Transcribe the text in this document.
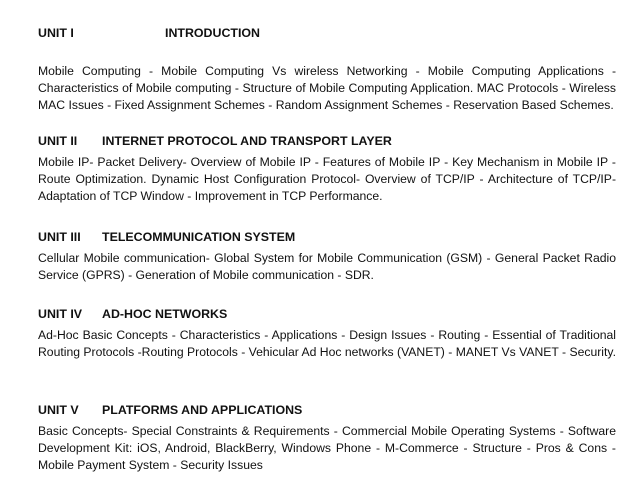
UNIT I	INTRODUCTION

Mobile Computing - Mobile Computing Vs wireless Networking - Mobile Computing Applications - Characteristics of Mobile computing - Structure of Mobile Computing Application. MAC Protocols - Wireless MAC Issues - Fixed Assignment Schemes - Random Assignment Schemes - Reservation Based Schemes.

UNIT II	INTERNET PROTOCOL AND TRANSPORT LAYER

Mobile IP- Packet Delivery- Overview of Mobile IP - Features of Mobile IP - Key Mechanism in Mobile IP - Route Optimization. Dynamic Host Configuration Protocol- Overview of TCP/IP - Architecture of TCP/IP- Adaptation of TCP Window - Improvement in TCP Performance.

UNIT III	TELECOMMUNICATION SYSTEM

Cellular Mobile communication- Global System for Mobile Communication (GSM) - General Packet Radio Service (GPRS) - Generation of Mobile communication - SDR.

UNIT IV	AD-HOC NETWORKS

Ad-Hoc Basic Concepts - Characteristics - Applications - Design Issues - Routing - Essential of Traditional Routing Protocols -Routing Protocols - Vehicular Ad Hoc networks (VANET) - MANET Vs VANET - Security.

UNIT V	PLATFORMS AND APPLICATIONS

Basic Concepts- Special Constraints & Requirements - Commercial Mobile Operating Systems - Software Development Kit: iOS, Android, BlackBerry, Windows Phone - M-Commerce - Structure - Pros & Cons - Mobile Payment System - Security Issues
